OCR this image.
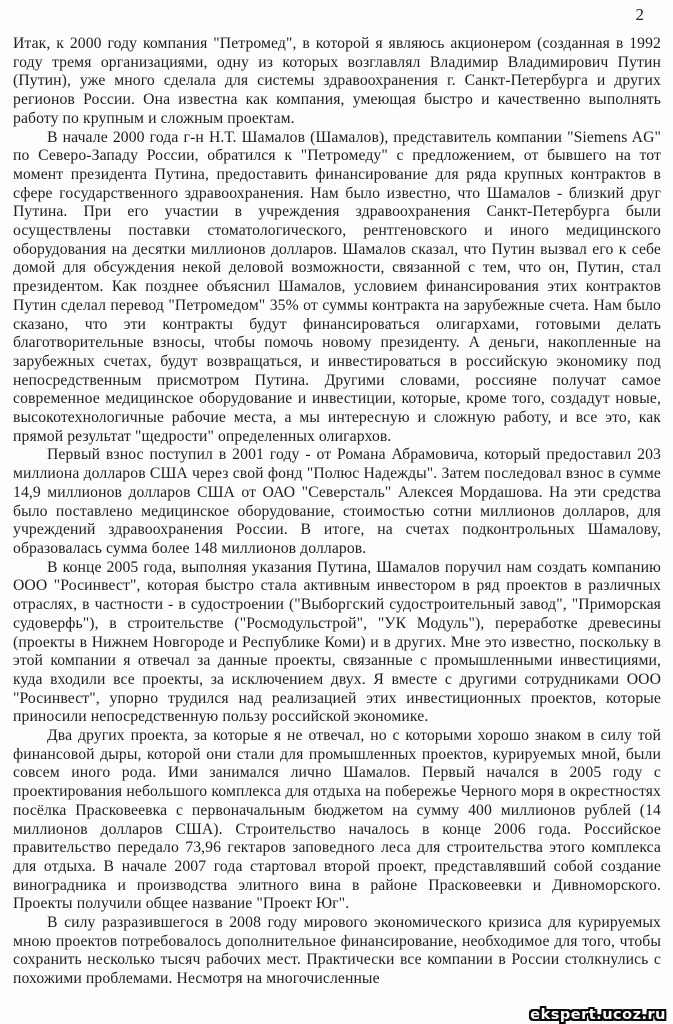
2

Итак, к 2000 году компания "Петромед", в которой я являюсь акционером (созданная в 1992 году тремя организациями, одну из которых возглавлял Владимир Владимирович Путин (Путин), уже много сделала для системы здравоохранения г. Санкт-Петербурга и других регионов России. Она известна как компания, умеющая быстро и качественно выполнять работу по крупным и сложным проектам.

В начале 2000 года г-н Н.Т. Шамалов (Шамалов), представитель компании "Siemens AG" по Северо-Западу России, обратился к "Петромеду" с предложением, от бывшего на тот момент президента Путина, предоставить финансирование для ряда крупных контрактов в сфере государственного здравоохранения. Нам было известно, что Шамалов - близкий друг Путина. При его участии в учреждения здравоохранения Санкт-Петербурга были осуществлены поставки стоматологического, рентгеновского и иного медицинского оборудования на десятки миллионов долларов. Шамалов сказал, что Путин вызвал его к себе домой для обсуждения некой деловой возможности, связанной с тем, что он, Путин, стал президентом. Как позднее объяснил Шамалов, условием финансирования этих контрактов Путин сделал перевод "Петромедом" 35% от суммы контракта на зарубежные счета. Нам было сказано, что эти контракты будут финансироваться олигархами, готовыми делать благотворительные взносы, чтобы помочь новому президенту. А деньги, накопленные на зарубежных счетах, будут возвращаться, и инвестироваться в российскую экономику под непосредственным присмотром Путина. Другими словами, россияне получат самое современное медицинское оборудование и инвестиции, которые, кроме того, создадут новые, высокотехнологичные рабочие места, а мы интересную и сложную работу, и все это, как прямой результат "щедрости" определенных олигархов.

Первый взнос поступил в 2001 году - от Романа Абрамовича, который предоставил 203 миллиона долларов США через свой фонд "Полюс Надежды". Затем последовал взнос в сумме 14,9 миллионов долларов США от ОАО "Северсталь" Алексея Мордашова. На эти средства было поставлено медицинское оборудование, стоимостью сотни миллионов долларов, для учреждений здравоохранения России. В итоге, на счетах подконтрольных Шамалову, образовалась сумма более 148 миллионов долларов.

В конце 2005 года, выполняя указания Путина, Шамалов поручил нам создать компанию ООО "Росинвест", которая быстро стала активным инвестором в ряд проектов в различных отраслях, в частности - в судостроении ("Выборгский судостроительный завод", "Приморская судоверфь"), в строительстве ("Росмодульстрой", "УК Модуль"), переработке древесины (проекты в Нижнем Новгороде и Республике Коми) и в других. Мне это известно, поскольку в этой компании я отвечал за данные проекты, связанные с промышленными инвестициями, куда входили все проекты, за исключением двух. Я вместе с другими сотрудниками ООО "Росинвест", упорно трудился над реализацией этих инвестиционных проектов, которые приносили непосредственную пользу российской экономике.

Два других проекта, за которые я не отвечал, но с которыми хорошо знаком в силу той финансовой дыры, которой они стали для промышленных проектов, курируемых мной, были совсем иного рода. Ими занимался лично Шамалов. Первый начался в 2005 году с проектирования небольшого комплекса для отдыха на побережье Черного моря в окрестностях посёлка Прасковеевка с первоначальным бюджетом на сумму 400 миллионов рублей (14 миллионов долларов США). Строительство началось в конце 2006 года. Российское правительство передало 73,96 гектаров заповедного леса для строительства этого комплекса для отдыха. В начале 2007 года стартовал второй проект, представлявший собой создание виноградника и производства элитного вина в районе Прасковеевки и Дивноморского. Проекты получили общее название "Проект Юг".

В силу разразившегося в 2008 году мирового экономического кризиса для курируемых мною проектов потребовалось дополнительное финансирование, необходимое для того, чтобы сохранить несколько тысяч рабочих мест. Практически все компании в России столкнулись с похожими проблемами. Несмотря на многочисленные

ekspert.ucoz.ru
